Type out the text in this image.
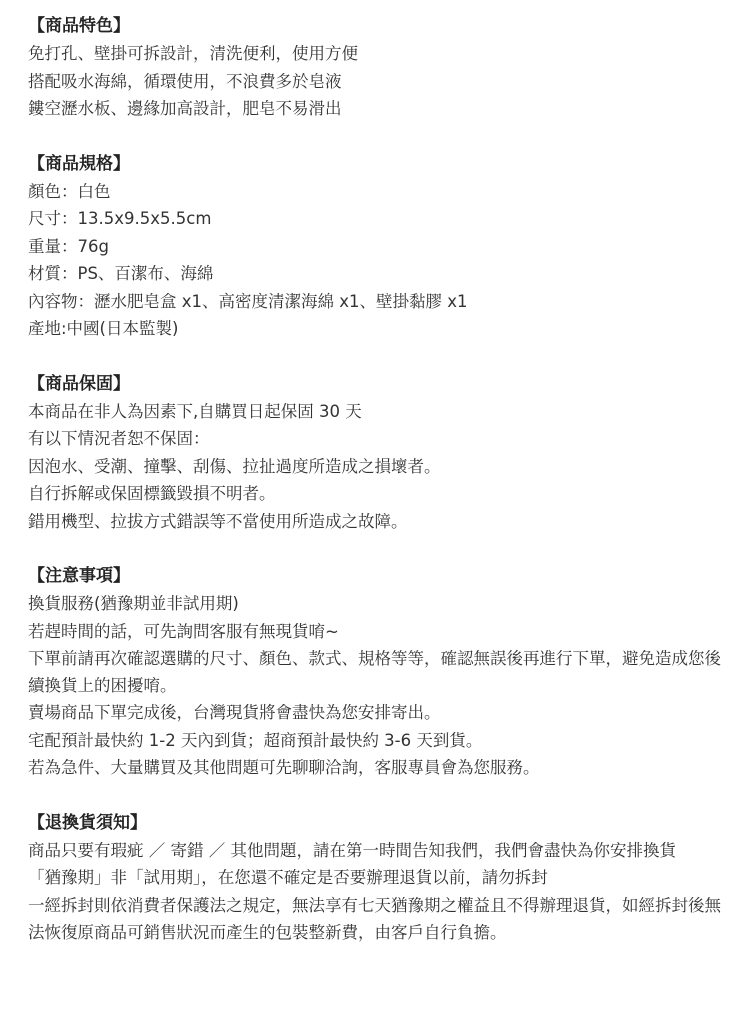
【商品特色】
免打孔、壁掛可拆設計，清洗便利，使用方便
搭配吸水海綿，循環使用，不浪費多於皂液
鏤空瀝水板、邊緣加高設計，肥皂不易滑出
【商品規格】
顏色：白色
尺寸：13.5x9.5x5.5cm
重量：76g
材質：PS、百潔布、海綿
內容物：瀝水肥皂盒 x1、高密度清潔海綿 x1、壁掛黏膠 x1
產地:中國(日本監製)
【商品保固】
本商品在非人為因素下,自購買日起保固 30 天
有以下情況者恕不保固：
因泡水、受潮、撞擊、刮傷、拉扯過度所造成之損壞者。
自行拆解或保固標籤毀損不明者。
錯用機型、拉拔方式錯誤等不當使用所造成之故障。
【注意事項】
換貨服務(猶豫期並非試用期)
若趕時間的話，可先詢問客服有無現貨唷~
下單前請再次確認選購的尺寸、顏色、款式、規格等等，確認無誤後再進行下單，避免造成您後續換貨上的困擾唷。
賣場商品下單完成後，台灣現貨將會盡快為您安排寄出。
宅配預計最快約 1-2 天內到貨；超商預計最快約 3-6 天到貨。
若為急件、大量購買及其他問題可先聊聊洽詢，客服專員會為您服務。
【退換貨須知】
商品只要有瑕疵 ／ 寄錯 ／ 其他問題，請在第一時間告知我們，我們會盡快為你安排換貨
「猶豫期」非「試用期」，在您還不確定是否要辦理退貨以前，請勿拆封
一經拆封則依消費者保護法之規定，無法享有七天猶豫期之權益且不得辦理退貨，如經拆封後無法恢復原商品可銷售狀況而產生的包裝整新費，由客戶自行負擔。
